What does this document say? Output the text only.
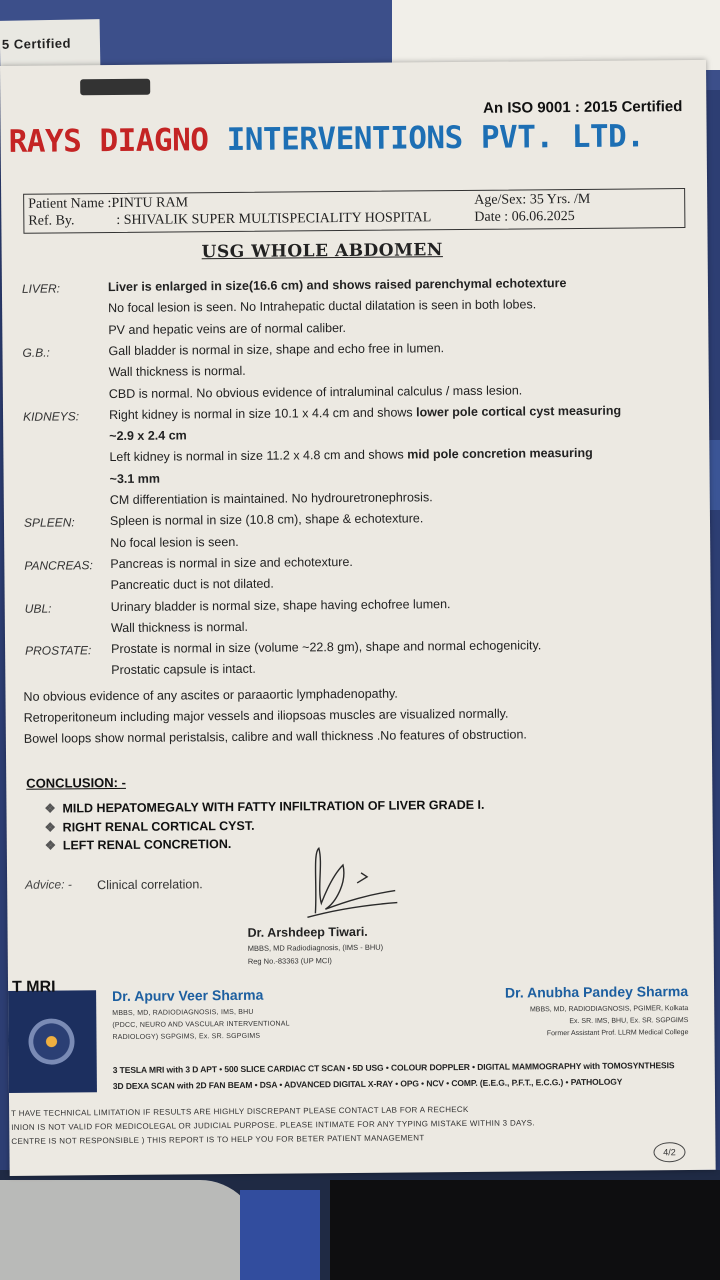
5 Certified
An ISO 9001 : 2015 Certified
RAYS DIAGNO INTERVENTIONS PVT. LTD.
Patient Name :PINTU RAM
Ref. By.	: SHIVALIK SUPER MULTISPECIALITY HOSPITAL
Age/Sex: 35 Yrs. /M
Date : 06.06.2025
USG WHOLE ABDOMEN
LIVER:	Liver is enlarged in size(16.6 cm) and shows raised parenchymal echotexture
No focal lesion is seen. No Intrahepatic ductal dilatation is seen in both lobes.
PV and hepatic veins are of normal caliber.
G.B.:	Gall bladder is normal in size, shape and echo free in lumen.
Wall thickness is normal.
CBD is normal. No obvious evidence of intraluminal calculus / mass lesion.
KIDNEYS: Right kidney is normal in size 10.1 x 4.4 cm and shows lower pole cortical cyst measuring
~2.9 x 2.4 cm
Left kidney is normal in size 11.2 x 4.8 cm and shows mid pole concretion measuring
~3.1 mm
CM differentiation is maintained. No hydrouretronephrosis.
SPLEEN:	Spleen is normal in size (10.8 cm), shape & echotexture.
No focal lesion is seen.
PANCREAS: Pancreas is normal in size and echotexture.
Pancreatic duct is not dilated.
UBL:	Urinary bladder is normal size, shape having echofree lumen.
Wall thickness is normal.
PROSTATE: Prostate is normal in size (volume ~22.8 gm), shape and normal echogenicity.
Prostatic capsule is intact.
No obvious evidence of any ascites or paraaortic lymphadenopathy.
Retroperitoneum including major vessels and iliopsoas muscles are visualized normally.
Bowel loops show normal peristalsis, calibre and wall thickness .No features of obstruction.
CONCLUSION: -
❖ MILD HEPATOMEGALY WITH FATTY INFILTRATION OF LIVER GRADE I.
❖ RIGHT RENAL CORTICAL CYST.
❖ LEFT RENAL CONCRETION.
Advice: - Clinical correlation.
Dr. Arshdeep Tiwari.
MBBS, MD Radiodiagnosis, (IMS - BHU)
Reg No.-83363 (UP MCI)
T MRI	Dr. Apurv Veer Sharma
MBBS, MD, RADIODIAGNOSIS, IMS, BHU
(PDCC, NEURO AND VASCULAR INTERVENTIONAL
RADIOLOGY) SGPGIMS, Ex. SR. SGPGIMS
Dr. Anubha Pandey Sharma
MBBS, MD, RADIODIAGNOSIS, PGIMER, Kolkata
Ex. SR. IMS, BHU, Ex. SR. SGPGIMS
Former Assistant Prof. LLRM Medical College
3 TESLA MRI with 3 D APT • 500 SLICE CARDIAC CT SCAN • 5D USG • COLOUR DOPPLER • DIGITAL MAMMOGRAPHY with TOMOSYNTHESIS
3D DEXA SCAN with 2D FAN BEAM • DSA • ADVANCED DIGITAL X-RAY • OPG • NCV • COMP. (E.E.G., P.F.T., E.C.G.) • PATHOLOGY
T HAVE TECHNICAL LIMITATION IF RESULTS ARE HIGHLY DISCREPANT PLEASE CONTACT LAB FOR A RECHECK
INION IS NOT VALID FOR MEDICOLEGAL OR JUDICIAL PURPOSE. PLEASE INTIMATE FOR ANY TYPING MISTAKE WITHIN 3 DAYS.
CENTRE IS NOT RESPONSIBLE ) THIS REPORT IS TO HELP YOU FOR BETER PATIENT MANAGEMENT
4/2
